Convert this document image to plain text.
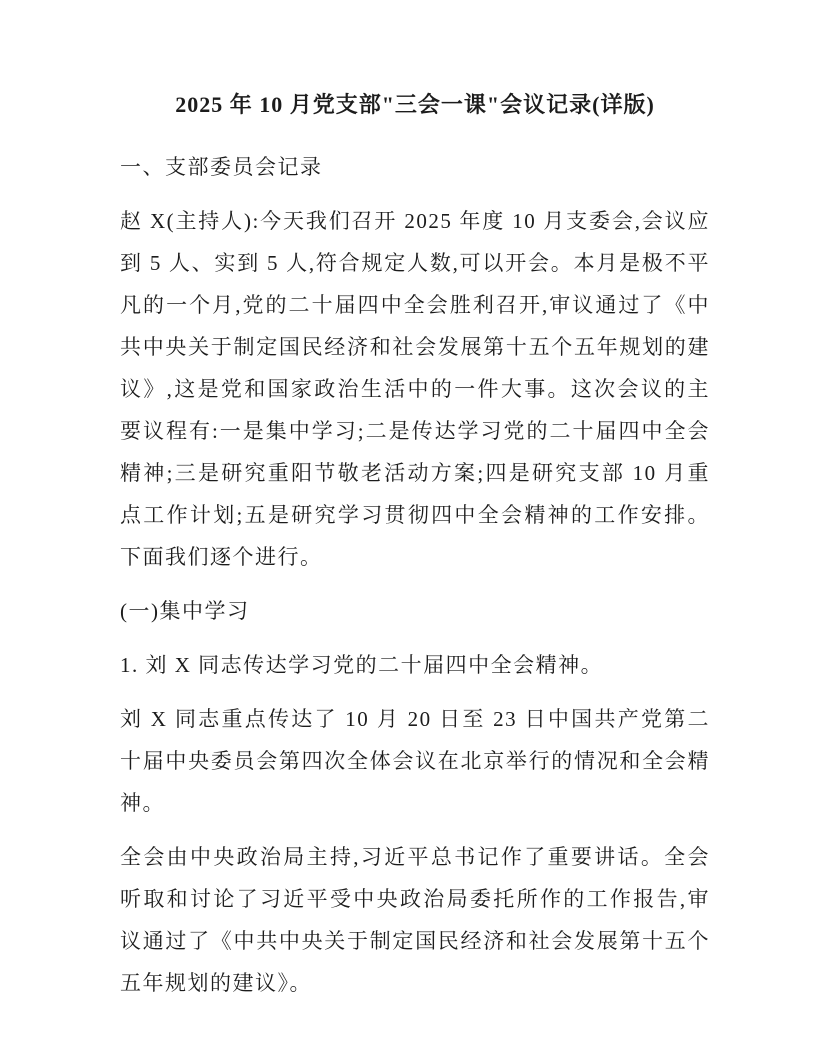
2025 年 10 月党支部"三会一课"会议记录(详版)

一、支部委员会记录

赵 X(主持人):今天我们召开 2025 年度 10 月支委会,会议应到 5 人、实到 5 人,符合规定人数,可以开会。本月是极不平凡的一个月,党的二十届四中全会胜利召开,审议通过了《中共中央关于制定国民经济和社会发展第十五个五年规划的建议》,这是党和国家政治生活中的一件大事。这次会议的主要议程有:一是集中学习;二是传达学习党的二十届四中全会精神;三是研究重阳节敬老活动方案;四是研究支部 10 月重点工作计划;五是研究学习贯彻四中全会精神的工作安排。下面我们逐个进行。

(一)集中学习

1. 刘 X 同志传达学习党的二十届四中全会精神。

刘 X 同志重点传达了 10 月 20 日至 23 日中国共产党第二十届中央委员会第四次全体会议在北京举行的情况和全会精神。

全会由中央政治局主持,习近平总书记作了重要讲话。全会听取和讨论了习近平受中央政治局委托所作的工作报告,审议通过了《中共中央关于制定国民经济和社会发展第十五个五年规划的建议》。
